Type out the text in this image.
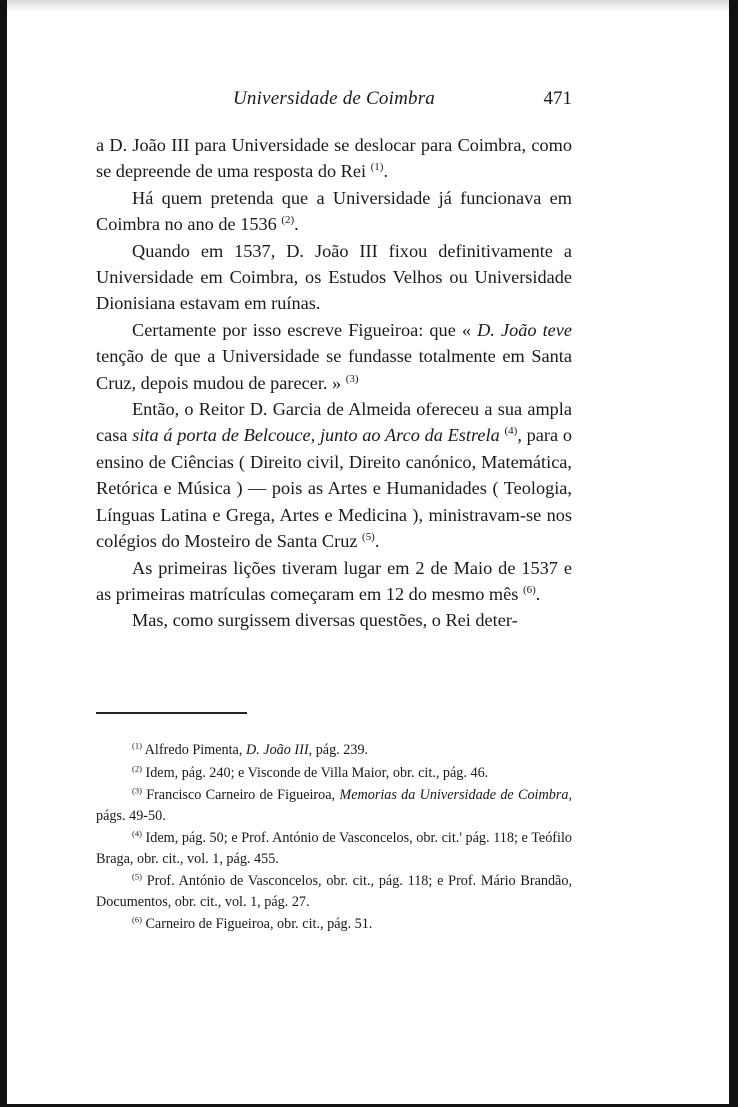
Universidade de Coimbra	471

a D. João III para Universidade se deslocar para Coimbra, como se depreende de uma resposta do Rei $^{(1)}$.

Há quem pretenda que a Universidade já funcionava em Coimbra no ano de 1536 $^{(2)}$.

Quando em 1537, D. João III fixou definitivamente a Universidade em Coimbra, os Estudos Velhos ou Universidade Dionisiana estavam em ruínas.

Certamente por isso escreve Figueiroa: que « D. João teve tenção de que a Universidade se fundasse totalmente em Santa Cruz, depois mudou de parecer. » $^{(3)}$

Então, o Reitor D. Garcia de Almeida ofereceu a sua ampla casa sita á porta de Belcouce, junto ao Arco da Estrela $^{(4)}$, para o ensino de Ciências ( Direito civil, Direito canónico, Matemática, Retórica e Música ) — pois as Artes e Humanidades ( Teologia, Línguas Latina e Grega, Artes e Medicina ), ministravam-se nos colégios do Mosteiro de Santa Cruz $^{(5)}$.

As primeiras lições tiveram lugar em 2 de Maio de 1537 e as primeiras matrículas começaram em 12 do mesmo mês $^{(6)}$.

Mas, como surgissem diversas questões, o Rei deter-

$^{(1)}$ Alfredo Pimenta, D. João III, pág. 239.

$^{(2)}$ Idem, pág. 240; e Visconde de Villa Maior, obr. cit., pág. 46.

$^{(3)}$ Francisco Carneiro de Figueiroa, Memorias da Universidade de Coimbra, págs. 49-50.

$^{(4)}$ Idem, pág. 50; e Prof. António de Vasconcelos, obr. cit.' pág. 118; e Teófilo Braga, obr. cit., vol. 1, pág. 455.

$^{(5)}$ Prof. António de Vasconcelos, obr. cit., pág. 118; e Prof. Mário Brandão, Documentos, obr. cit., vol. 1, pág. 27.

$^{(6)}$ Carneiro de Figueiroa, obr. cit., pág. 51.
